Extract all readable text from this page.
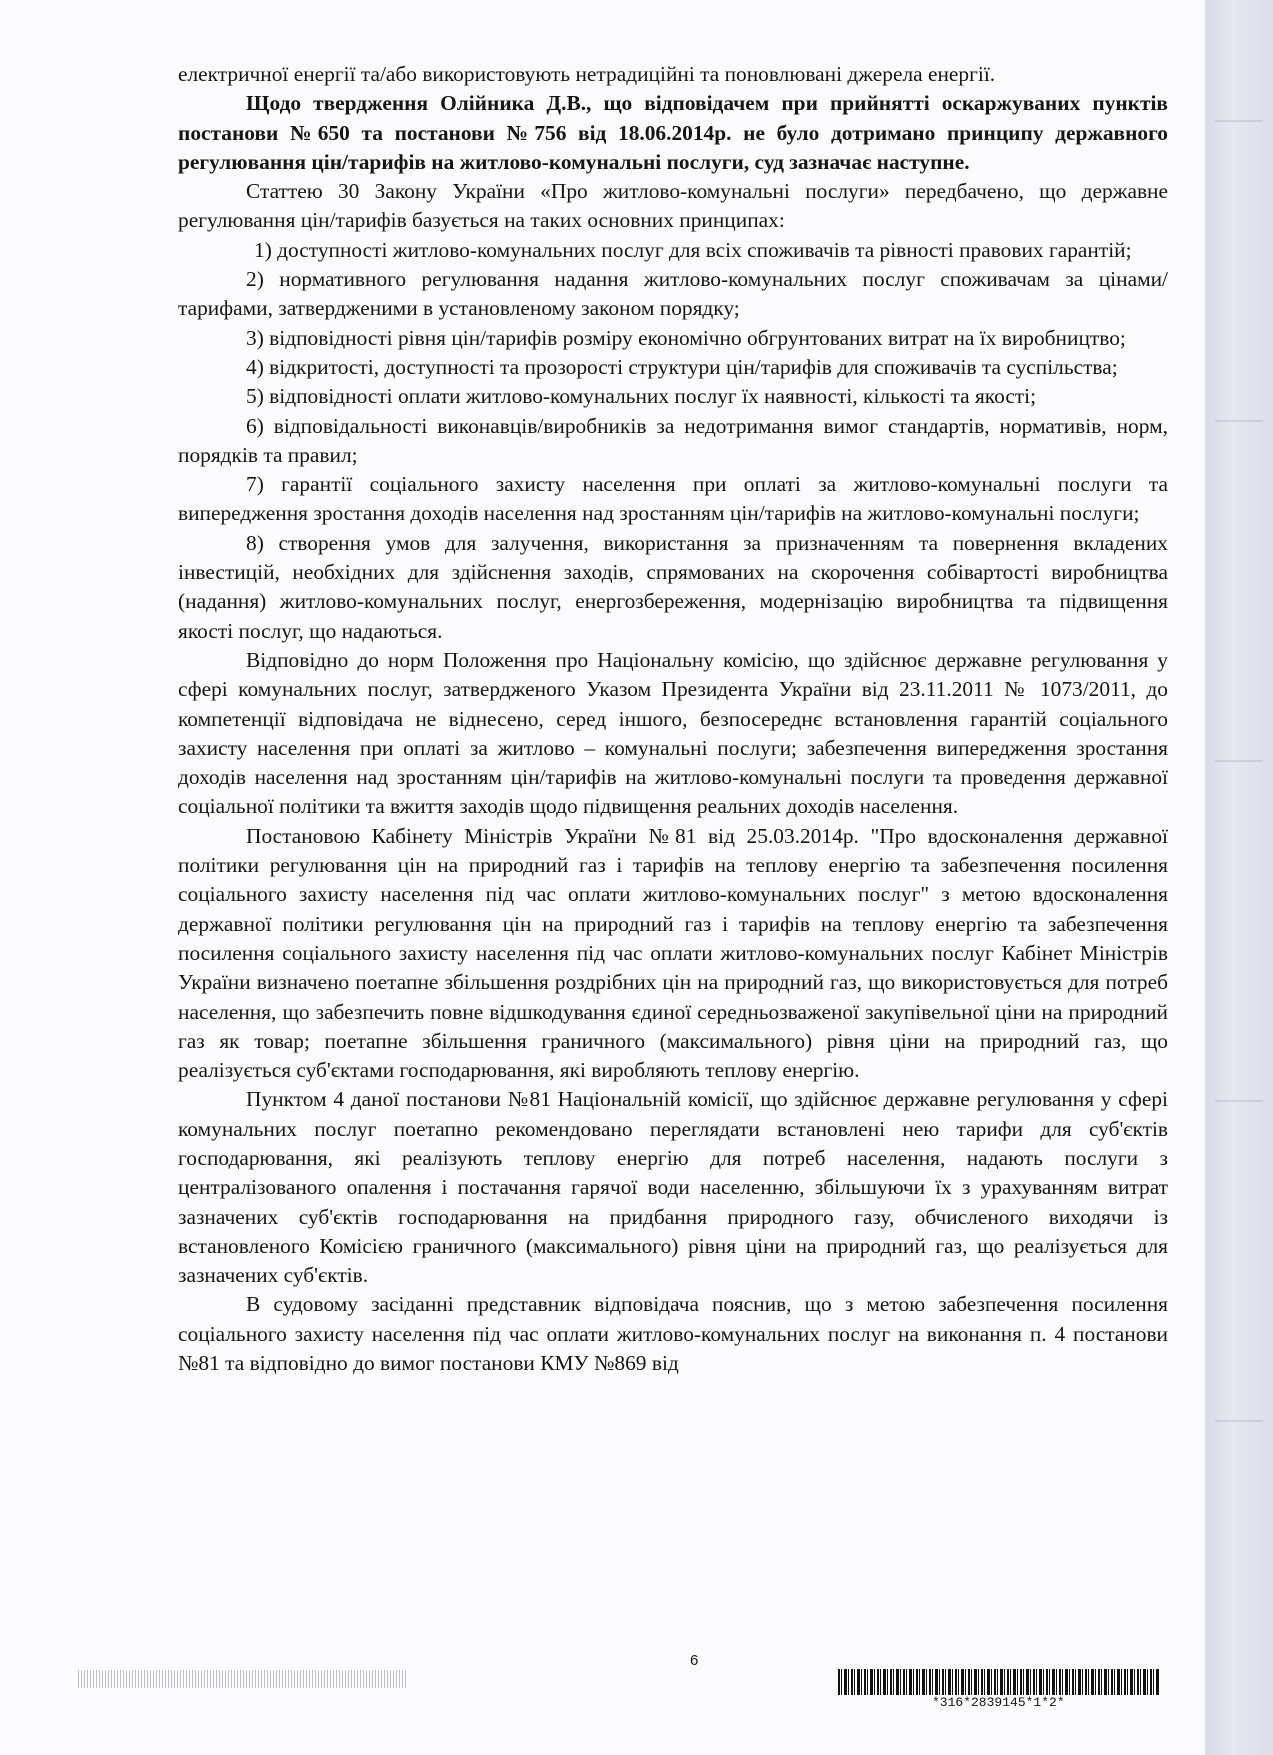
електричної енергії та/або використовують нетрадиційні та поновлювані джерела енергії.

Щодо твердження Олійника Д.В., що відповідачем при прийнятті оскаржуваних пунктів постанови №650 та постанови №756 від 18.06.2014р. не було дотримано принципу державного регулювання цін/тарифів на житлово-комунальні послуги, суд зазначає наступне.

Статтею 30 Закону України «Про житлово-комунальні послуги» передбачено, що державне регулювання цін/тарифів базується на таких основних принципах:

1) доступності житлово-комунальних послуг для всіх споживачів та рівності правових гарантій;

2) нормативного регулювання надання житлово-комунальних послуг споживачам за цінами/тарифами, затвердженими в установленому законом порядку;

3) відповідності рівня цін/тарифів розміру економічно обгрунтованих витрат на їх виробництво;

4) відкритості, доступності та прозорості структури цін/тарифів для споживачів та суспільства;

5) відповідності оплати житлово-комунальних послуг їх наявності, кількості та якості;

6) відповідальності виконавців/виробників за недотримання вимог стандартів, нормативів, норм, порядків та правил;

7) гарантії соціального захисту населення при оплаті за житлово-комунальні послуги та випередження зростання доходів населення над зростанням цін/тарифів на житлово-комунальні послуги;

8) створення умов для залучення, використання за призначенням та повернення вкладених інвестицій, необхідних для здійснення заходів, спрямованих на скорочення собівартості виробництва (надання) житлово-комунальних послуг, енергозбереження, модернізацію виробництва та підвищення якості послуг, що надаються.

Відповідно до норм Положення про Національну комісію, що здійснює державне регулювання у сфері комунальних послуг, затвердженого Указом Президента України від 23.11.2011 № 1073/2011, до компетенції відповідача не віднесено, серед іншого, безпосереднє встановлення гарантій соціального захисту населення при оплаті за житлово – комунальні послуги; забезпечення випередження зростання доходів населення над зростанням цін/тарифів на житлово-комунальні послуги та проведення державної соціальної політики та вжиття заходів щодо підвищення реальних доходів населення.

Постановою Кабінету Міністрів України №81 від 25.03.2014р. "Про вдосконалення державної політики регулювання цін на природний газ і тарифів на теплову енергію та забезпечення посилення соціального захисту населення під час оплати житлово-комунальних послуг" з метою вдосконалення державної політики регулювання цін на природний газ і тарифів на теплову енергію та забезпечення посилення соціального захисту населення під час оплати житлово-комунальних послуг Кабінет Міністрів України визначено поетапне збільшення роздрібних цін на природний газ, що використовується для потреб населення, що забезпечить повне відшкодування єдиної середньозваженої закупівельної ціни на природний газ як товар; поетапне збільшення граничного (максимального) рівня ціни на природний газ, що реалізується суб'єктами господарювання, які виробляють теплову енергію.

Пунктом 4 даної постанови №81 Національній комісії, що здійснює державне регулювання у сфері комунальних послуг поетапно рекомендовано переглядати встановлені нею тарифи для суб'єктів господарювання, які реалізують теплову енергію для потреб населення, надають послуги з централізованого опалення і постачання гарячої води населенню, збільшуючи їх з урахуванням витрат зазначених суб'єктів господарювання на придбання природного газу, обчисленого виходячи із встановленого Комісією граничного (максимального) рівня ціни на природний газ, що реалізується для зазначених суб'єктів.

В судовому засіданні представник відповідача пояснив, що з метою забезпечення посилення соціального захисту населення під час оплати житлово-комунальних послуг на виконання п. 4 постанови №81 та відповідно до вимог постанови КМУ №869 від

6
*316*2839145*1*2*
